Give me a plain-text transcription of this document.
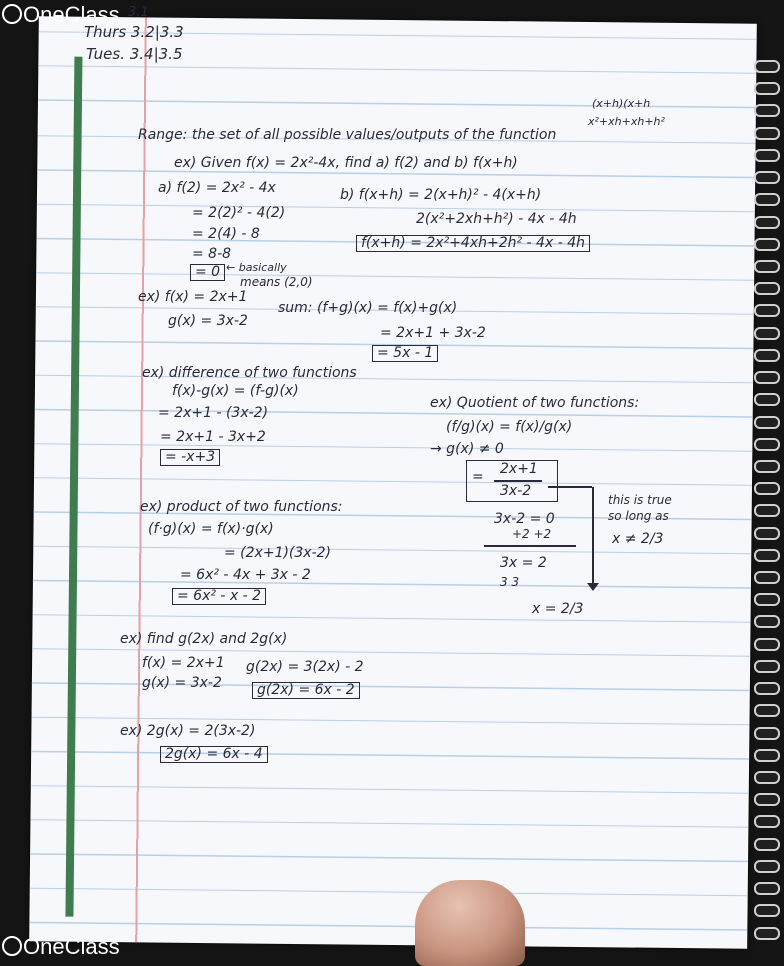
OneClass
OneClass
3.1
Thurs 3.2|3.3
Tues. 3.4|3.5
(x+h)(x+h
x²+xh+xh+h²
Range: the set of all possible values/outputs of the function
ex) Given f(x) = 2x²-4x, find a) f(2) and b) f(x+h)
a) f(2) = 2x² - 4x
= 2(2)² - 4(2)
= 2(4) - 8
= 8-8
= 0 ← basically
means (2,0)
b) f(x+h) = 2(x+h)² - 4(x+h)
2(x²+2xh+h²) - 4x - 4h
f(x+h) = 2x²+4xh+2h² - 4x - 4h
ex) f(x) = 2x+1
g(x) = 3x-2
sum: (f+g)(x) = f(x)+g(x)
= 2x+1 + 3x-2
= 5x - 1
ex) difference of two functions
f(x)-g(x) = (f-g)(x)
= 2x+1 - (3x-2)
= 2x+1 - 3x+2
= -x+3
ex) Quotient of two functions:
(f/g)(x) = f(x)/g(x)
→ g(x) ≠ 0
= 2x+1
3x-2
3x-2 = 0
+2 +2
3x = 2
3 3
x = 2/3
this is true
so long as
x ≠ 2/3
ex) product of two functions:
(f·g)(x) = f(x)·g(x)
= (2x+1)(3x-2)
= 6x² - 4x + 3x - 2
= 6x² - x - 2
ex) find g(2x) and 2g(x)
f(x) = 2x+1
g(x) = 3x-2
g(2x) = 3(2x) - 2
g(2x) = 6x - 2
ex) 2g(x) = 2(3x-2)
2g(x) = 6x - 4
